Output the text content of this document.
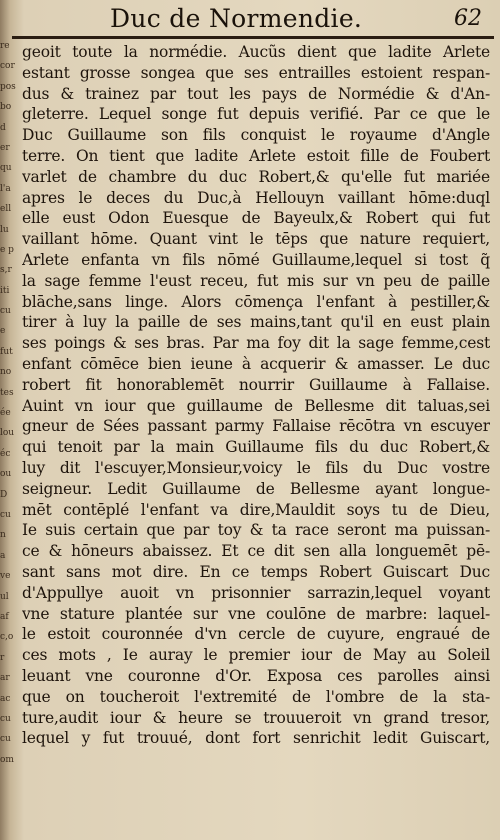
re
cor
pos
bo
d
er
qu
l'a
ell
lu
e p
s,r
iti
cu
e
fut
no
tes
ée
lou
éc
ou
D
cu
n
a
ve
ul
af
c,o
r
ar
ac
cu
cu
om
Duc de Normendie.	62
geoit toute la normédie. Aucũs dient que ladite Arlete
estant grosse songea que ses entrailles estoient respan-
dus & trainez par tout les pays de Normédie & d'An-
gleterre. Lequel songe fut depuis verifié. Par ce que le
Duc Guillaume son fils conquist le royaume d'Angle
terre. On tient que ladite Arlete estoit fille de Foubert
varlet de chambre du duc Robert,& qu'elle fut mariée
apres le deces du Duc,à Hellouyn vaillant hōme:duql
elle eust Odon Euesque de Bayeulx,& Robert qui fut
vaillant hōme. Quant vint le tēps que nature requiert,
Arlete enfanta vn fils nōmé Guillaume,lequel si tost q̃
la sage femme l'eust receu, fut mis sur vn peu de paille
blāche,sans linge. Alors cōmença l'enfant à pestiller,&
tirer à luy la paille de ses mains,tant qu'il en eust plain
ses poings & ses bras. Par ma foy dit la sage femme,cest
enfant cōmēce bien ieune à acquerir & amasser. Le duc
robert fit honorablemēt nourrir Guillaume à Fallaise.
Auint vn iour que guillaume de Bellesme dit taluas,sei
gneur de Sées passant parmy Fallaise rēcōtra vn escuyer
qui tenoit par la main Guillaume fils du duc Robert,&
luy dit l'escuyer,Monsieur,voicy le fils du Duc vostre
seigneur. Ledit Guillaume de Bellesme ayant longue-
mēt contēplé l'enfant va dire,Mauldit soys tu de Dieu,
Ie suis certain que par toy & ta race seront ma puissan-
ce & hōneurs abaissez. Et ce dit sen alla longuemēt pē-
sant sans mot dire. En ce temps Robert Guiscart Duc
d'Appullye auoit vn prisonnier sarrazin,lequel voyant
vne stature plantée sur vne coulōne de marbre: laquel-
le estoit couronnée d'vn cercle de cuyure, engraué de
ces mots , Ie auray le premier iour de May au Soleil
leuant vne couronne d'Or. Exposa ces parolles ainsi
que on toucheroit l'extremité de l'ombre de la sta-
ture,audit iour & heure se trouueroit vn grand tresor,
lequel y fut trouué, dont fort senrichit ledit Guiscart,
